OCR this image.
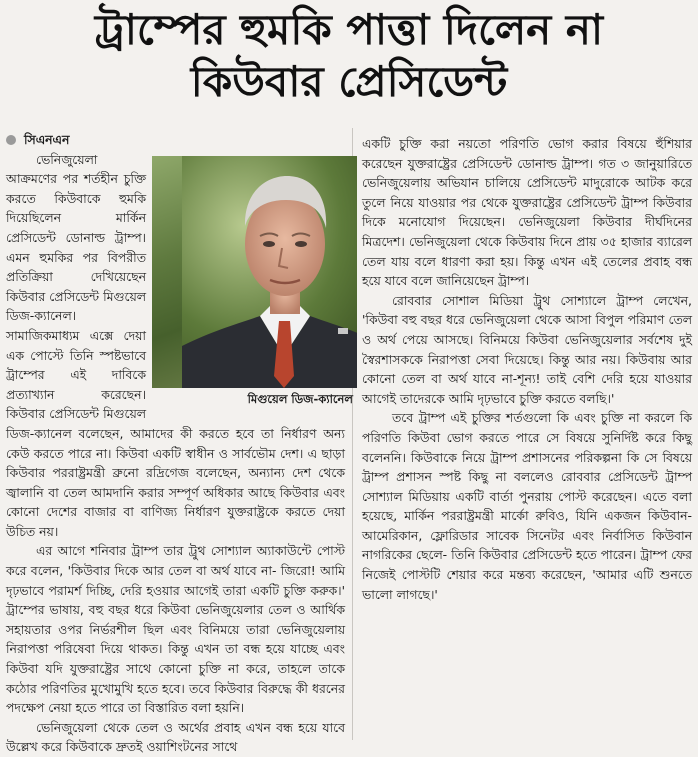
ট্রাম্পের হুমকি পাত্তা দিলেন না
কিউবার প্রেসিডেন্ট
সিএনএন

মিগুয়েল ডিজ-ক্যানেল
ভেনিজুয়েলা আক্রমণের পর শর্তহীন চুক্তি করতে কিউবাকে হুমকি দিয়েছিলেন মার্কিন প্রেসিডেন্ট ডোনাল্ড ট্রাম্প। এমন হুমকির পর বিপরীত প্রতিক্রিয়া দেখিয়েছেন কিউবার প্রেসিডেন্ট মিগুয়েল ডিজ-ক্যানেল। সামাজিকমাধ্যম এক্সে দেয়া এক পোস্টে তিনি স্পষ্টভাবে ট্রাম্পের এই দাবিকে প্রত্যাখ্যান করেছেন। কিউবার প্রেসিডেন্ট মিগুয়েল ডিজ-ক্যানেল বলেছেন, আমাদের কী করতে হবে তা নির্ধারণ অন্য কেউ করতে পারে না। কিউবা একটি স্বাধীন ও সার্বভৌম দেশ। এ ছাড়া কিউবার পররাষ্ট্রমন্ত্রী ব্রুনো রদ্রিগেজ বলেছেন, অন্যান্য দেশ থেকে জ্বালানি বা তেল আমদানি করার সম্পূর্ণ অধিকার আছে কিউবার এবং কোনো দেশের বাজার বা বাণিজ্য নির্ধারণ যুক্তরাষ্ট্রকে করতে দেয়া উচিত নয়।

এর আগে শনিবার ট্রাম্প তার ট্রুথ সোশ্যাল অ্যাকাউন্টে পোস্ট করে বলেন, 'কিউবার দিকে আর তেল বা অর্থ যাবে না- জিরো! আমি দৃঢ়ভাবে পরামর্শ দিচ্ছি, দেরি হওয়ার আগেই তারা একটি চুক্তি করুক।' ট্রাম্পের ভাষায়, বহু বছর ধরে কিউবা ভেনিজুয়েলার তেল ও আর্থিক সহায়তার ওপর নির্ভরশীল ছিল এবং বিনিময়ে তারা ভেনিজুয়েলায় নিরাপত্তা পরিষেবা দিয়ে থাকত। কিন্তু এখন তা বন্ধ হয়ে যাচ্ছে এবং কিউবা যদি যুক্তরাষ্ট্রের সাথে কোনো চুক্তি না করে, তাহলে তাকে কঠোর পরিণতির মুখোমুখি হতে হবে। তবে কিউবার বিরুদ্ধে কী ধরনের পদক্ষেপ নেয়া হতে পারে তা বিস্তারিত বলা হয়নি।

ভেনিজুয়েলা থেকে তেল ও অর্থের প্রবাহ এখন বন্ধ হয়ে যাবে উল্লেখ করে কিউবাকে দ্রুতই ওয়াশিংটনের সাথে

একটি চুক্তি করা নয়তো পরিণতি ভোগ করার বিষয়ে হুঁশিয়ার করেছেন যুক্তরাষ্ট্রের প্রেসিডেন্ট ডোনাল্ড ট্রাম্প। গত ৩ জানুয়ারিতে ভেনিজুয়েলায় অভিযান চালিয়ে প্রেসিডেন্ট মাদুরোকে আটক করে তুলে নিয়ে যাওয়ার পর থেকে যুক্তরাষ্ট্রের প্রেসিডেন্ট ট্রাম্প কিউবার দিকে মনোযোগ দিয়েছেন। ভেনিজুয়েলা কিউবার দীর্ঘদিনের মিত্রদেশ। ভেনিজুয়েলা থেকে কিউবায় দিনে প্রায় ৩৫ হাজার ব্যারেল তেল যায় বলে ধারণা করা হয়। কিন্তু এখন এই তেলের প্রবাহ বন্ধ হয়ে যাবে বলে জানিয়েছেন ট্রাম্প।

রোববার সোশাল মিডিয়া ট্রুথ সোশ্যালে ট্রাম্প লেখেন, 'কিউবা বহু বছর ধরে ভেনিজুয়েলা থেকে আসা বিপুল পরিমাণ তেল ও অর্থ পেয়ে আসছে। বিনিময়ে কিউবা ভেনিজুয়েলার সর্বশেষ দুই স্বৈরশাসককে নিরাপত্তা সেবা দিয়েছে। কিন্তু আর নয়। কিউবায় আর কোনো তেল বা অর্থ যাবে না-শূন্য! তাই বেশি দেরি হয়ে যাওয়ার আগেই তাদেরকে আমি দৃঢ়ভাবে চুক্তি করতে বলছি।'

তবে ট্রাম্প এই চুক্তির শর্তগুলো কি এবং চুক্তি না করলে কি পরিণতি কিউবা ভোগ করতে পারে সে বিষয়ে সুনির্দিষ্ট করে কিছু বলেননি। কিউবাকে নিয়ে ট্রাম্প প্রশাসনের পরিকল্পনা কি সে বিষয়ে ট্রাম্প প্রশাসন স্পষ্ট কিছু না বললেও রোববার প্রেসিডেন্ট ট্রাম্প সোশ্যাল মিডিয়ায় একটি বার্তা পুনরায় পোস্ট করেছেন। এতে বলা হয়েছে, মার্কিন পররাষ্ট্রমন্ত্রী মার্কো রুবিও, যিনি একজন কিউবান-আমেরিকান, ফ্লোরিডার সাবেক সিনেটর এবং নির্বাসিত কিউবান নাগরিকের ছেলে- তিনি কিউবার প্রেসিডেন্ট হতে পারেন। ট্রাম্প ফের নিজেই পোস্টটি শেয়ার করে মন্তব্য করেছেন, 'আমার এটি শুনতে ভালো লাগছে।'
